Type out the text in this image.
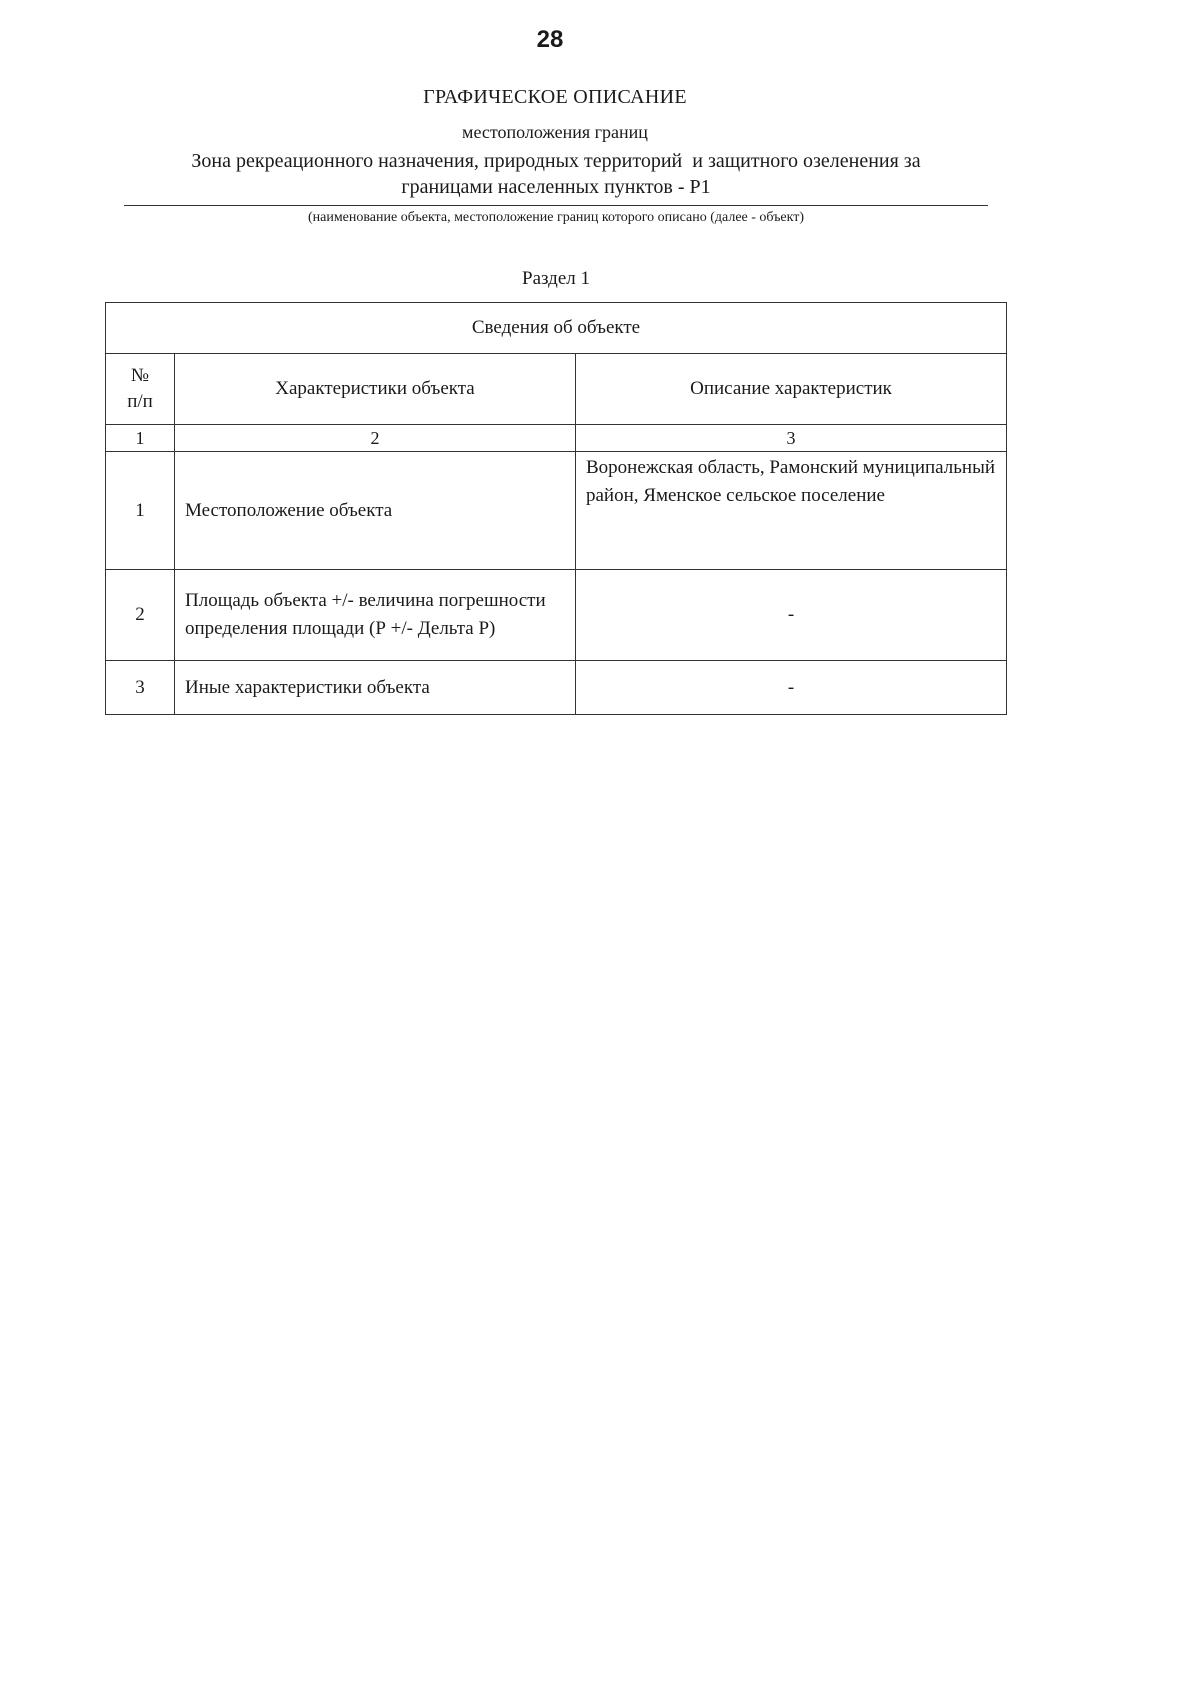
28
ГРАФИЧЕСКОЕ ОПИСАНИЕ
местоположения границ
Зона рекреационного назначения, природных территорий  и защитного озеленения за
границами населенных пунктов - Р1
(наименование объекта, местоположение границ которого описано (далее - объект)
Раздел 1
Сведения об объекте		

№
п/п	Характеристики объекта	Описание характеристик
1	2	3
1	Местоположение объекта	Воронежская область, Рамонский муниципальный район, Яменское сельское поселение
2	Площадь объекта +/- величина погрешности определения площади (Р +/- Дельта Р)	-
3	Иные характеристики объекта	-
